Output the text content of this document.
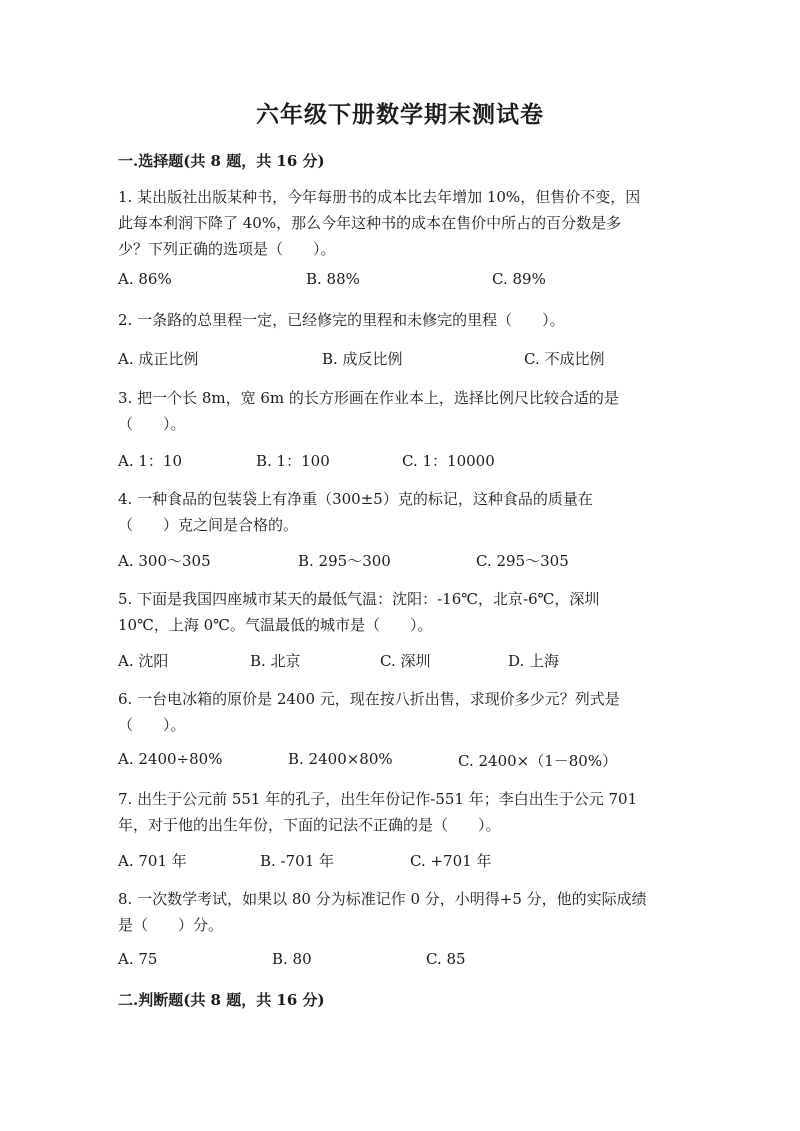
六年级下册数学期末测试卷
一.选择题(共 8 题，共 16 分)
1. 某出版社出版某种书，今年每册书的成本比去年增加 10%，但售价不变，因
此每本利润下降了 40%，那么今年这种书的成本在售价中所占的百分数是多
少？下列正确的选项是（　　）。
A. 86%	B. 88%	C. 89%
2. 一条路的总里程一定，已经修完的里程和未修完的里程（　　）。
A. 成正比例	B. 成反比例	C. 不成比例
3. 把一个长 8m，宽 6m 的长方形画在作业本上，选择比例尺比较合适的是
（　　）。
A. 1：10	B. 1：100	C. 1：10000
4. 一种食品的包装袋上有净重（300±5）克的标记，这种食品的质量在
（　　）克之间是合格的。
A. 300～305	B. 295～300	C. 295～305
5. 下面是我国四座城市某天的最低气温：沈阳：-16℃，北京-6℃，深圳
10℃，上海 0℃。气温最低的城市是（　　）。
A. 沈阳	B. 北京	C. 深圳	D. 上海
6. 一台电冰箱的原价是 2400 元，现在按八折出售，求现价多少元？列式是
（　　）。
A. 2400÷80%	B. 2400×80%	C. 2400×（1－80%）
7. 出生于公元前 551 年的孔子，出生年份记作-551 年；李白出生于公元 701
年，对于他的出生年份，下面的记法不正确的是（　　）。
A. 701 年	B. -701 年	C. +701 年
8. 一次数学考试，如果以 80 分为标准记作 0 分，小明得+5 分，他的实际成绩
是（　　）分。
A. 75	B. 80	C. 85
二.判断题(共 8 题，共 16 分)
